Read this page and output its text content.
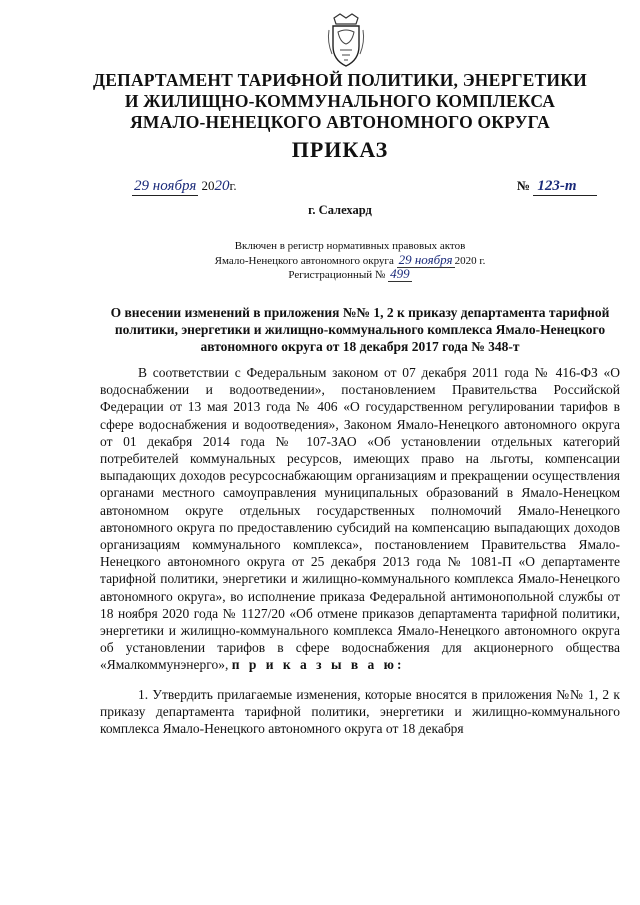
ДЕПАРТАМЕНТ ТАРИФНОЙ ПОЛИТИКИ, ЭНЕРГЕТИКИ
И ЖИЛИЩНО-КОММУНАЛЬНОГО КОМПЛЕКСА
ЯМАЛО-НЕНЕЦКОГО АВТОНОМНОГО ОКРУГА
ПРИКАЗ
29 ноября 2020г.	№ 123-т
г. Салехард
Включен в регистр нормативных правовых актов
Ямало-Ненецкого автономного округа 29 ноября 2020 г.
Регистрационный № 499
О внесении изменений в приложения №№ 1, 2 к приказу департамента тарифной политики, энергетики и жилищно-коммунального комплекса Ямало-Ненецкого автономного округа от 18 декабря 2017 года № 348-т
В соответствии с Федеральным законом от 07 декабря 2011 года № 416-ФЗ «О водоснабжении и водоотведении», постановлением Правительства Российской Федерации от 13 мая 2013 года № 406 «О государственном регулировании тарифов в сфере водоснабжения и водоотведения», Законом Ямало-Ненецкого автономного округа от 01 декабря 2014 года № 107-ЗАО «Об установлении отдельных категорий потребителей коммунальных ресурсов, имеющих право на льготы, компенсации выпадающих доходов ресурсоснабжающим организациям и прекращении осуществления органами местного самоуправления муниципальных образований в Ямало-Ненецком автономном округе отдельных государственных полномочий Ямало-Ненецкого автономного округа по предоставлению субсидий на компенсацию выпадающих доходов организациям коммунального комплекса», постановлением Правительства Ямало-Ненецкого автономного округа от 25 декабря 2013 года № 1081-П «О департаменте тарифной политики, энергетики и жилищно-коммунального комплекса Ямало-Ненецкого автономного округа», во исполнение приказа Федеральной антимонопольной службы от 18 ноября 2020 года № 1127/20 «Об отмене приказов департамента тарифной политики, энергетики и жилищно-коммунального комплекса Ямало-Ненецкого автономного округа об установлении тарифов в сфере водоснабжения для акционерного общества «Ямалкоммунэнерго», п р и к а з ы в а ю:
1. Утвердить прилагаемые изменения, которые вносятся в приложения №№ 1, 2 к приказу департамента тарифной политики, энергетики и жилищно-коммунального комплекса Ямало-Ненецкого автономного округа от 18 декабря
